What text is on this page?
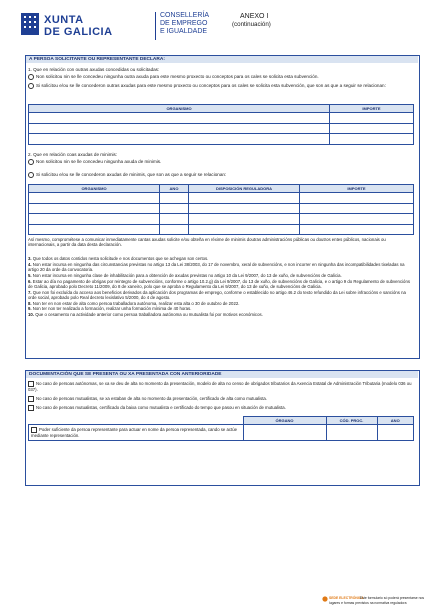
XUNTA
DE GALICIA
CONSELLERÍA
DE EMPREGO
E IGUALDADE
ANEXO I
(continuación)
A PERSOA SOLICITANTE OU REPRESENTANTE DECLARA:
1. Que en relación con outras axudas concedidas ou solicitadas:
Non solicitou nin se lle concedeu ningunha outra axuda para este mesmo proxecto ou conceptos para os cales se solicita esta subvención.
Si solicitou e/ou se lle concederon outras axudas para este mesmo proxecto ou conceptos para os cales se solicita esta subvención, que son as que a seguir se relacionan:
ORGANISMO	IMPORTE

2. Que en relación coas axudas de minimis:
Non solicitou nin se lle concedeu ningunha axuda de minimis.
Si solicitou e/ou se lle concederon axudas de minimis, que son as que a seguir se relacionan:
ORGANISMO	ANO	DISPOSICIÓN REGULADORA	IMPORTE

Así mesmo, comprométese a comunicar inmediatamente cantas axudas solicite e/ou obteña en réxime de minimis doutras administracións públicas ou doutros entes públicos, nacionais ou internacionais, a partir da data desta declaración.
3. Que todos os datos contidos nesta solicitude e nos documentos que se achegan son certos.
4. Non estar incursa en ningunha das circunstancias previstas no artigo 13 da Lei 38/2003, do 17 de novembro, xeral de subvencións, e non incorrer en ningunha das incompatibilidades tixeladas na artigo 20 da orde da convocatoria.
5. Non estar incursa en ningunha clase de inhabilitación para a obtención de axudas previstas no artigo 10 da Lei 9/2007, do 13 de xuño, de subvencións de Galicia.
6. Estar ao día no pagamento de obrigas por reintegro de subvencións, conforme o artigo 10.2.g) da Lei 9/2007, do 13 de xuño, de subvencións de Galicia, e o artigo 9 do Regulamento de subvencións de Galicia, aprobado polo Decreto 11/2009, do 8 de xaneiro, polo que se aproba o Regulamento da Lei 9/2007, do 13 de xuño, de subvencións de Galicia.
7. Que non foi excluída do acceso aos beneficios derivados da aplicación dos programas de emprego, conforme o establecido no artigo 46.2 do texto refundido da Lei sobre infraccións e sancións na orde social, aprobado polo Real decreto lexislativo 5/2000, do 4 de agosto.
8. Non ter en non estar de alta como persoa traballadora autónoma, realizar esta alta o 30 de outubro de 2022.
9. Non ter non ter realizado a formación, realizar unha formación mínima de 40 horas.
10. Que o cesamento na actividade anterior como persoa traballadora autónoma ou mutualista foi por motivos económicos.
DOCUMENTACIÓN QUE SE PRESENTA OU XA PRESENTADA CON ANTERIORIDADE
No caso de persoas autónomas, se xa se deu de alta no momento da presentación, modelo de alta no censo de obrigados tributarios da Axencia Estatal de Administración Tributaria (modelo 036 ou 037).
No caso de persoas mutualistas, se xa estaban de alta no momento da presentación, certificado de alta como mutualista.
No caso de persoas mutualistas, certificado da baixa como mutualista e certificado do tempo que pasou en situación de mutualista.
	ÓRGANO	CÓD. PROC.	ANO
Poder suficiente da persoa representante para actuar en nome da persoa representada, cando se actúe mediante representación.			
SEDE ELECTRÓNICA
Este formulario só poderá presentarse nos
lugares e formas previstos na normativa reguladora
